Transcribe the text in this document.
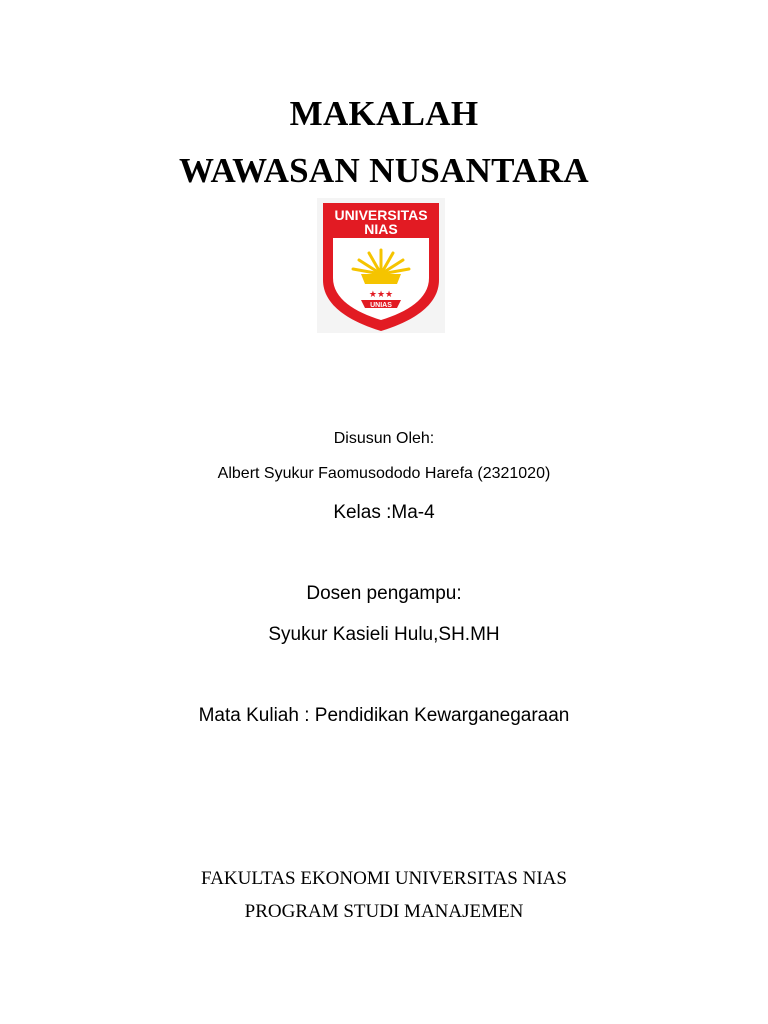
MAKALAH
WAWASAN NUSANTARA
UNIVERSITAS
NIAS
★★★
UNIAS

Disusun Oleh:

Albert Syukur Faomusododo Harefa (2321020)

Kelas :Ma-4

Dosen pengampu:

Syukur Kasieli Hulu,SH.MH

Mata Kuliah : Pendidikan Kewarganegaraan

FAKULTAS EKONOMI UNIVERSITAS NIAS

PROGRAM STUDI MANAJEMEN
